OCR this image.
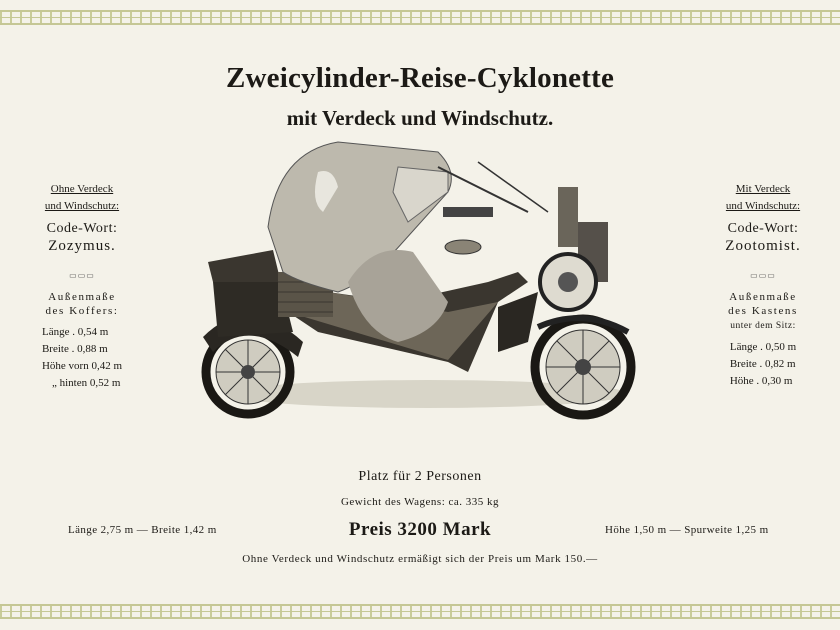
Zweicylinder-Reise-Cyklonette
mit Verdeck und Windschutz.
Ohne Verdeck
und Windschutz:
Code-Wort:
Zozymus.
▭▭▭
Außenmaße
des Koffers:
Länge . 0,54 m
Breite . 0,88 m
Höhe vorn 0,42 m
„ hinten 0,52 m
Mit Verdeck
und Windschutz:
Code-Wort:
Zootomist.
▭▭▭
Außenmaße
des Kastens
unter dem Sitz:
Länge . 0,50 m
Breite . 0,82 m
Höhe . 0,30 m
Platz für 2 Personen
Gewicht des Wagens: ca. 335 kg
Länge 2,75 m — Breite 1,42 m	Preis 3200 Mark	Höhe 1,50 m — Spurweite 1,25 m
Ohne Verdeck und Windschutz ermäßigt sich der Preis um Mark 150.—
